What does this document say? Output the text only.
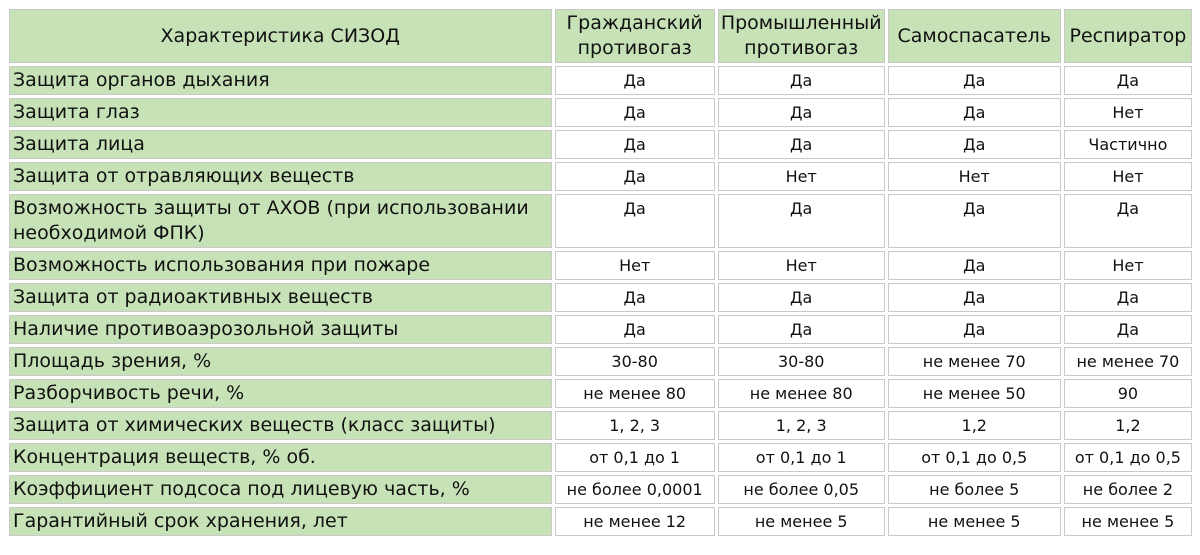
Характеристика СИЗОД	Гражданский противогаз	Промышленный противогаз	Самоспасатель	Респиратор
Защита органов дыхания	Да	Да	Да	Да
Защита глаз	Да	Да	Да	Нет
Защита лица	Да	Да	Да	Частично
Защита от отравляющих веществ	Да	Нет	Нет	Нет
Возможность защиты от АХОВ (при использовании необходимой ФПК)	Да	Да	Да	Да
Возможность использования при пожаре	Нет	Нет	Да	Нет
Защита от радиоактивных веществ	Да	Да	Да	Да
Наличие противоаэрозольной защиты	Да	Да	Да	Да
Площадь зрения, %	30-80	30-80	не менее 70	не менее 70
Разборчивость речи, %	не менее 80	не менее 80	не менее 50	90
Защита от химических веществ (класс защиты)	1, 2, 3	1, 2, 3	1,2	1,2
Концентрация веществ, % об.	от 0,1 до 1	от 0,1 до 1	от 0,1 до 0,5	от 0,1 до 0,5
Коэффициент подсоса под лицевую часть, %	не более 0,0001	не более 0,05	не более 5	не более 2
Гарантийный срок хранения, лет	не менее 12	не менее 5	не менее 5	не менее 5
